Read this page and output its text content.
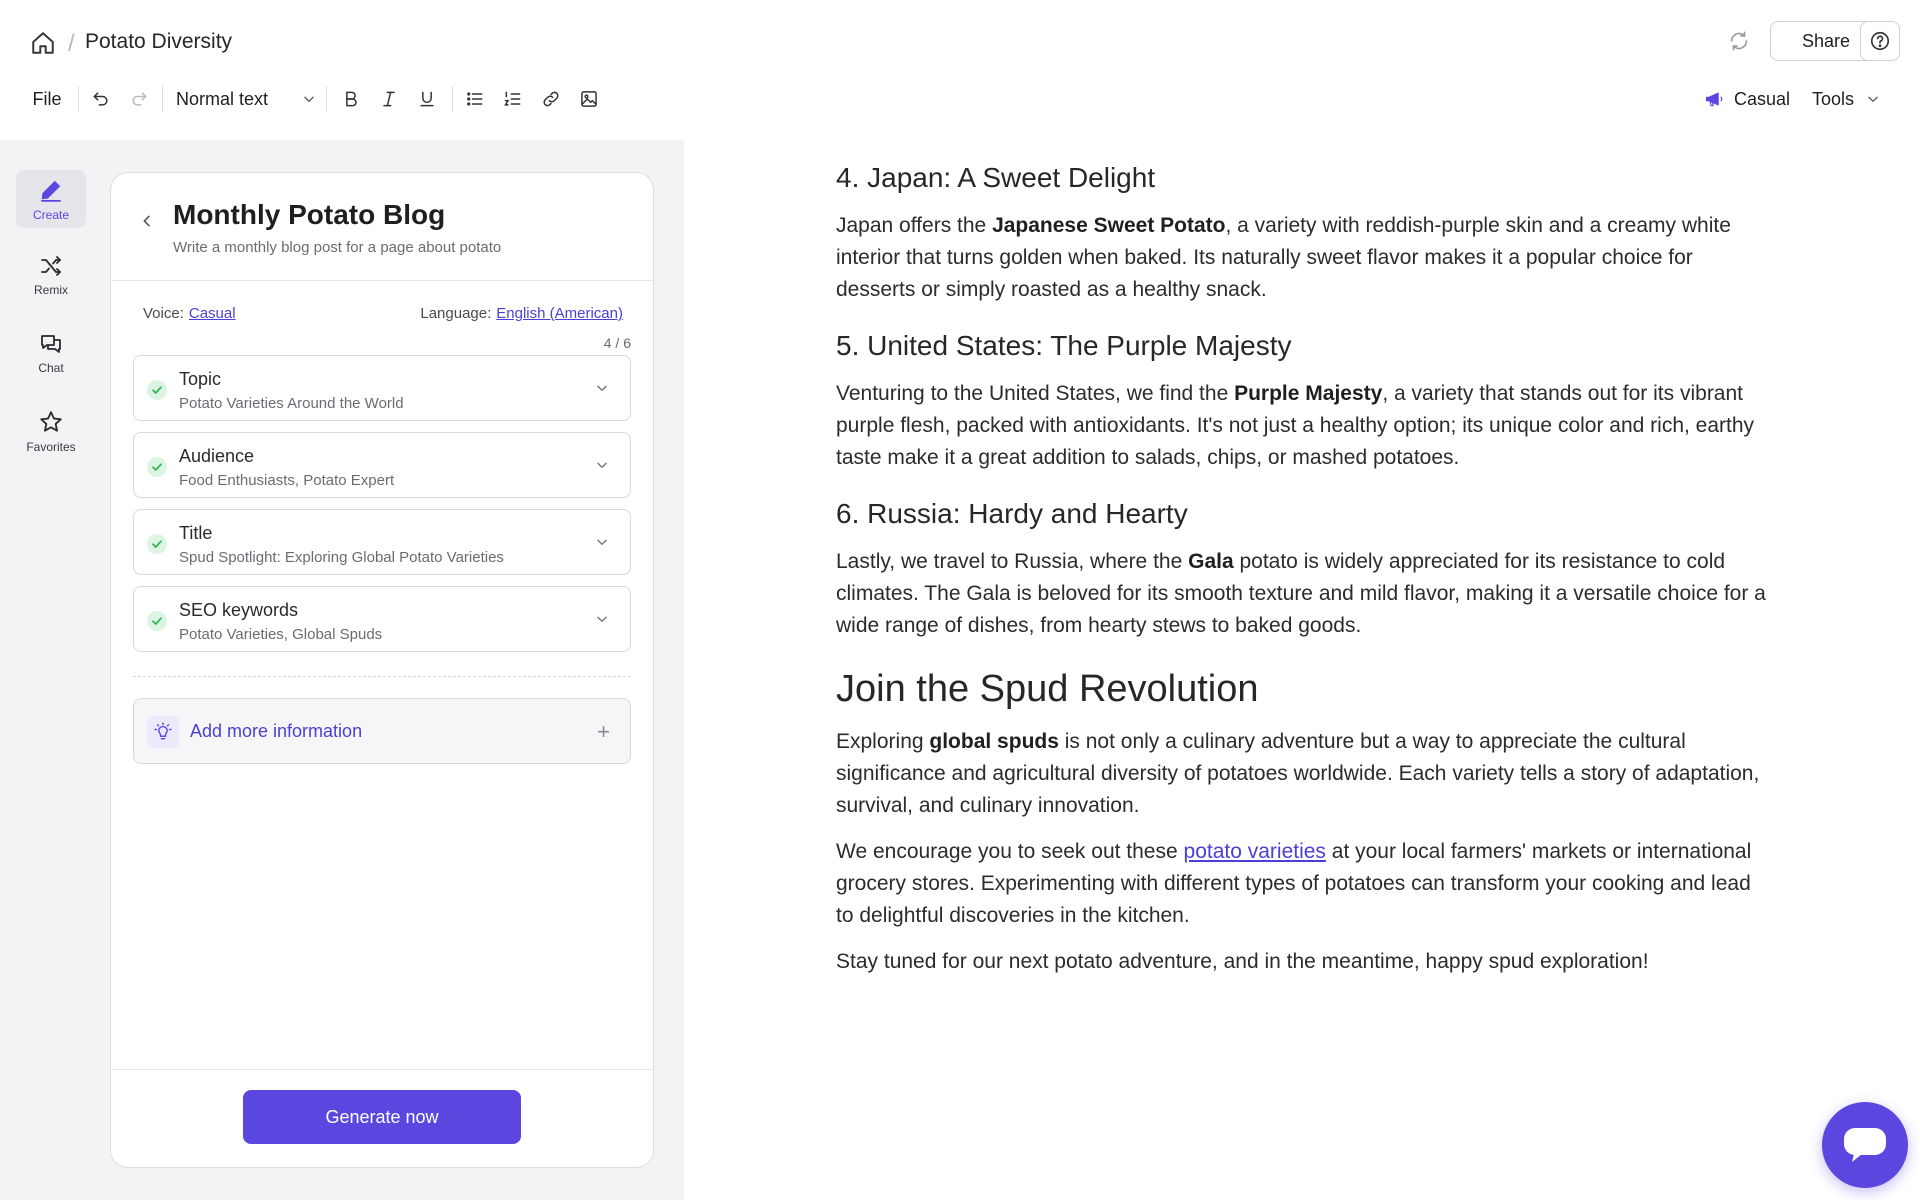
/ Potato Diversity	Share
File	Normal text	Casual Tools
Create
Remix
Chat
Favorites
Monthly Potato Blog
Write a monthly blog post for a page about potato
Voice: Casual	Language: English (American)
4 / 6
Topic
Potato Varieties Around the World
Audience
Food Enthusiasts, Potato Expert
Title
Spud Spotlight: Exploring Global Potato Varieties
SEO keywords
Potato Varieties, Global Spuds
Add more information	+
Generate now
4. Japan: A Sweet Delight

Japan offers the Japanese Sweet Potato, a variety with reddish-purple skin and a creamy white interior that turns golden when baked. Its naturally sweet flavor makes it a popular choice for desserts or simply roasted as a healthy snack.

5. United States: The Purple Majesty

Venturing to the United States, we find the Purple Majesty, a variety that stands out for its vibrant purple flesh, packed with antioxidants. It's not just a healthy option; its unique color and rich, earthy taste make it a great addition to salads, chips, or mashed potatoes.

6. Russia: Hardy and Hearty

Lastly, we travel to Russia, where the Gala potato is widely appreciated for its resistance to cold climates. The Gala is beloved for its smooth texture and mild flavor, making it a versatile choice for a wide range of dishes, from hearty stews to baked goods.

Join the Spud Revolution

Exploring global spuds is not only a culinary adventure but a way to appreciate the cultural significance and agricultural diversity of potatoes worldwide. Each variety tells a story of adaptation, survival, and culinary innovation.

We encourage you to seek out these potato varieties at your local farmers' markets or international grocery stores. Experimenting with different types of potatoes can transform your cooking and lead to delightful discoveries in the kitchen.

Stay tuned for our next potato adventure, and in the meantime, happy spud exploration!
